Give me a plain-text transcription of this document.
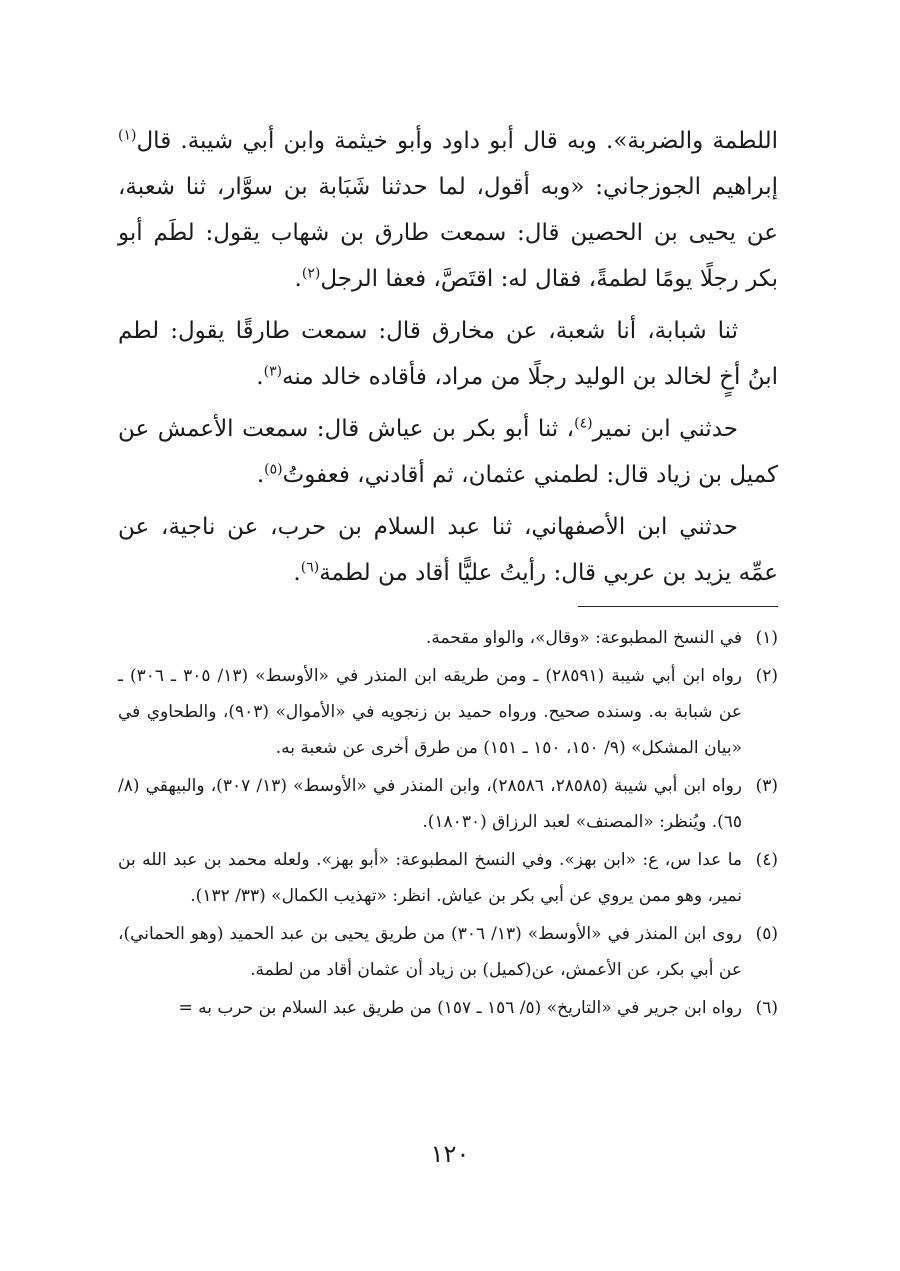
اللطمة والضربة». وبه قال أبو داود وأبو خيثمة وابن أبي شيبة. قال$^{(١)}$ إبراهيم الجوزجاني: «وبه أقول، لما حدثنا شَبَابة بن سوَّار، ثنا شعبة، عن يحيى بن الحصين قال: سمعت طارق بن شهاب يقول: لطَم أبو بكر رجلًا يومًا لطمةً، فقال له: اقتَصَّ، فعفا الرجل$^{(٢)}$.

ثنا شبابة، أنا شعبة، عن مخارق قال: سمعت طارقًا يقول: لطم ابنُ أخٍ لخالد بن الوليد رجلًا من مراد، فأقاده خالد منه$^{(٣)}$.

حدثني ابن نمير$^{(٤)}$، ثنا أبو بكر بن عياش قال: سمعت الأعمش عن كميل بن زياد قال: لطمني عثمان، ثم أقادني، فعفوتُ$^{(٥)}$.

حدثني ابن الأصفهاني، ثنا عبد السلام بن حرب، عن ناجية، عن عمِّه يزيد بن عربي قال: رأيتُ عليًّا أقاد من لطمة$^{(٦)}$.

(١)
في النسخ المطبوعة: «وقال»، والواو مقحمة.
(٢)
رواه ابن أبي شيبة (٢٨٥٩١) ـ ومن طريقه ابن المنذر في «الأوسط» (١٣/ ٣٠٥ ـ ٣٠٦) ـ عن شبابة به. وسنده صحيح. ورواه حميد بن زنجويه في «الأموال» (٩٠٣)، والطحاوي في «بيان المشكل» (٩/ ١٥٠، ١٥٠ ـ ١٥١) من طرق أخرى عن شعبة به.
(٣)
رواه ابن أبي شيبة (٢٨٥٨٥، ٢٨٥٨٦)، وابن المنذر في «الأوسط» (١٣/ ٣٠٧)، والبيهقي (٨/ ٦٥). ويُنظر: «المصنف» لعبد الرزاق (١٨٠٣٠).
(٤)
ما عدا س، ع: «ابن بهز». وفي النسخ المطبوعة: «أبو بهز». ولعله محمد بن عبد الله بن نمير، وهو ممن يروي عن أبي بكر بن عياش. انظر: «تهذيب الكمال» (٣٣/ ١٣٢).
(٥)
روى ابن المنذر في «الأوسط» (١٣/ ٣٠٦) من طريق يحيى بن عبد الحميد (وهو الحماني)، عن أبي بكر، عن الأعمش، عن(كميل) بن زياد أن عثمان أقاد من لطمة.
(٦)
رواه ابن جرير في «التاريخ» (٥/ ١٥٦ ـ ١٥٧) من طريق عبد السلام بن حرب به =
١٢٠
